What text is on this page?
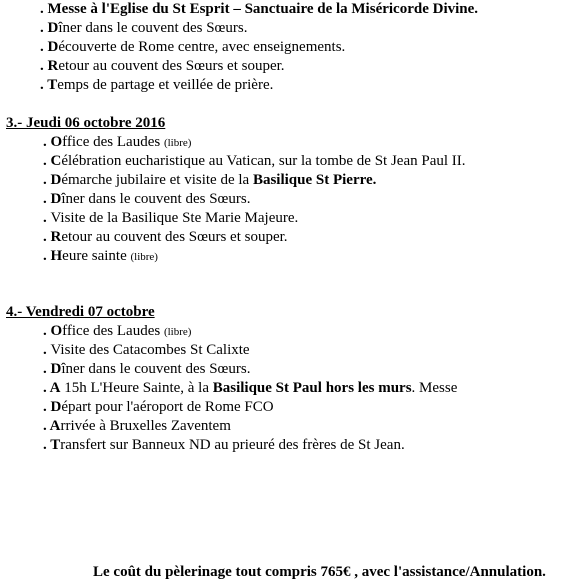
. Messe à l'Eglise du St Esprit – Sanctuaire de la Miséricorde Divine.
. Dîner dans le couvent des Sœurs.
. Découverte de Rome centre, avec enseignements.
. Retour au couvent des Sœurs et souper.
. Temps de partage et veillée de prière.
3.- Jeudi 06 octobre 2016
. Office des Laudes (libre)
. Célébration eucharistique au Vatican, sur la tombe de St Jean Paul II.
. Démarche jubilaire et visite de la Basilique St Pierre.
. Dîner dans le couvent des Sœurs.
. Visite de la Basilique Ste Marie Majeure.
. Retour au couvent des Sœurs et souper.
. Heure sainte (libre)
4.- Vendredi 07 octobre
. Office des Laudes (libre)
. Visite des Catacombes St Calixte
. Dîner dans le couvent des Sœurs.
. A 15h L'Heure Sainte, à la Basilique St Paul hors les murs. Messe
. Départ pour l'aéroport de Rome FCO
. Arrivée à Bruxelles Zaventem
. Transfert sur Banneux ND au prieuré des frères de St Jean.
Le coût du pèlerinage tout compris 765€ , avec l'assistance/Annulation.
